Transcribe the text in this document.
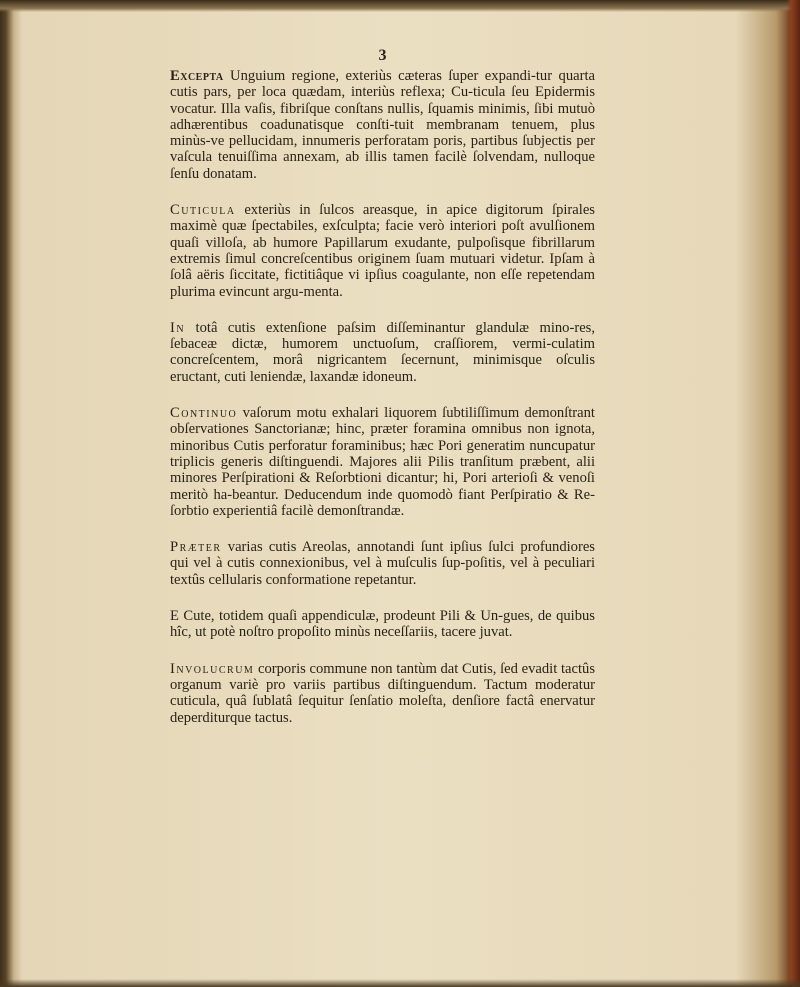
3

Excepta Unguium regione, exteriùs cæteras ſuper expandi-tur quarta cutis pars, per loca quædam, interiùs reflexa; Cu-ticula ſeu Epidermis vocatur. Illa vaſis, fibriſque conſtans nullis, ſquamis minimis, ſibi mutuò adhærentibus coadunatisque conſti-tuit membranam tenuem, plus minùs-ve pellucidam, innumeris perforatam poris, partibus ſubjectis per vaſcula tenuiſſima annexam, ab illis tamen facilè ſolvendam, nulloque ſenſu donatam.

Cuticula exteriùs in ſulcos areasque, in apice digitorum ſpirales maximè quæ ſpectabiles, exſculpta; facie verò interiori poſt avulſionem quaſi villoſa, ab humore Papillarum exudante, pulpoſisque fibrillarum extremis ſimul concreſcentibus originem ſuam mutuari videtur. Ipſam à ſolâ aëris ſiccitate, fictitiâque vi ipſius coagulante, non eſſe repetendam plurima evincunt argu-menta.

In totâ cutis extenſione paſsim diſſeminantur glandulæ mino-res, ſebaceæ dictæ, humorem unctuoſum, craſſiorem, vermi-culatim concreſcentem, morâ nigricantem ſecernunt, minimisque oſculis eructant, cuti leniendæ, laxandæ idoneum.

Continuo vaſorum motu exhalari liquorem ſubtiliſſimum demonſtrant obſervationes Sanctorianæ; hinc, præter foramina omnibus non ignota, minoribus Cutis perforatur foraminibus; hæc Pori generatim nuncupatur triplicis generis diſtinguendi. Majores alii Pilis tranſitum præbent, alii minores Perſpirationi & Reſorbtioni dicantur; hi, Pori arterioſi & venoſi meritò ha-beantur. Deducendum inde quomodò fiant Perſpiratio & Re-ſorbtio experientiâ facilè demonſtrandæ.

Præter varias cutis Areolas, annotandi ſunt ipſius ſulci profundiores qui vel à cutis connexionibus, vel à muſculis ſup-poſitis, vel à peculiari textûs cellularis conformatione repetantur.

E Cute, totidem quaſi appendiculæ, prodeunt Pili & Un-gues, de quibus hîc, ut potè noſtro propoſito minùs neceſſariis, tacere juvat.

Involucrum corporis commune non tantùm dat Cutis, ſed evadit tactûs organum variè pro variis partibus diſtinguendum. Tactum moderatur cuticula, quâ ſublatâ ſequitur ſenſatio moleſta, denſiore factâ enervatur deperditurque tactus.
